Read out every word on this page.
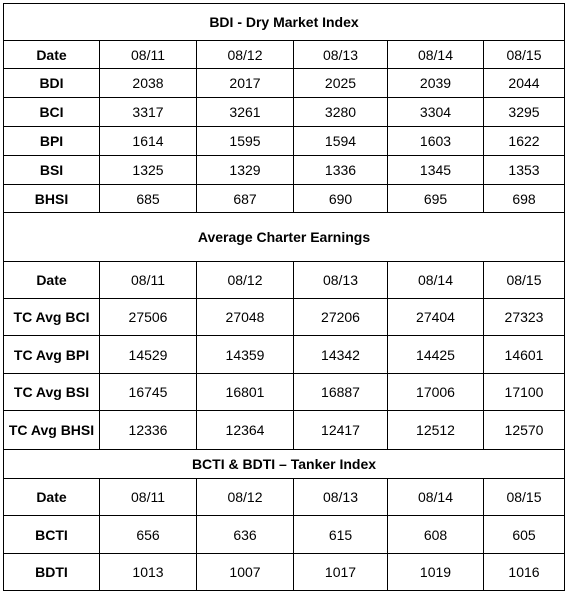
BDI - Dry Market Index					
Date	08/11	08/12	08/13	08/14	08/15
BDI	2038	2017	2025	2039	2044
BCI	3317	3261	3280	3304	3295
BPI	1614	1595	1594	1603	1622
BSI	1325	1329	1336	1345	1353
BHSI	685	687	690	695	698
Average Charter Earnings					
Date	08/11	08/12	08/13	08/14	08/15
TC Avg BCI	27506	27048	27206	27404	27323
TC Avg BPI	14529	14359	14342	14425	14601
TC Avg BSI	16745	16801	16887	17006	17100
TC Avg BHSI	12336	12364	12417	12512	12570
BCTI & BDTI – Tanker Index					
Date	08/11	08/12	08/13	08/14	08/15
BCTI	656	636	615	608	605
BDTI	1013	1007	1017	1019	1016
